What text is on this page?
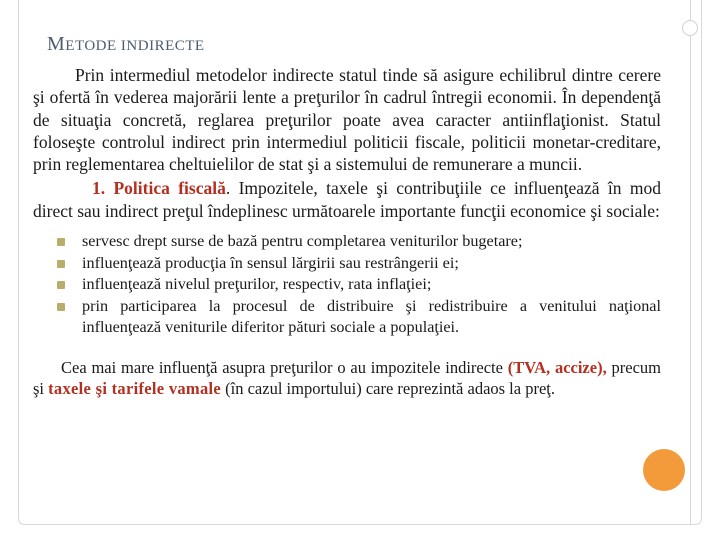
METODE INDIRECTE

Prin intermediul metodelor indirecte statul tinde să asigure echilibrul dintre cerere şi ofertă în vederea majorării lente a preţurilor în cadrul întregii economii. În dependenţă de situaţia concretă, reglarea preţurilor poate avea caracter antiinflaţionist. Statul foloseşte controlul indirect prin intermediul politicii fiscale, politicii monetar-creditare, prin reglementarea cheltuielilor de stat şi a sistemului de remunerare a muncii.

1. Politica fiscală. Impozitele, taxele şi contribuţiile ce influenţează în mod direct sau indirect preţul îndeplinesc următoarele importante funcţii economice şi sociale:

servesc drept surse de bază pentru completarea veniturilor bugetare;
influenţează producţia în sensul lărgirii sau restrângerii ei;
influenţează nivelul preţurilor, respectiv, rata inflaţiei;
prin participarea la procesul de distribuire şi redistribuire a venitului naţional influenţează veniturile diferitor pături sociale a populaţiei.

Cea mai mare influenţă asupra preţurilor o au impozitele indirecte (TVA, accize), precum şi taxele şi tarifele vamale (în cazul importului) care reprezintă adaos la preţ.
